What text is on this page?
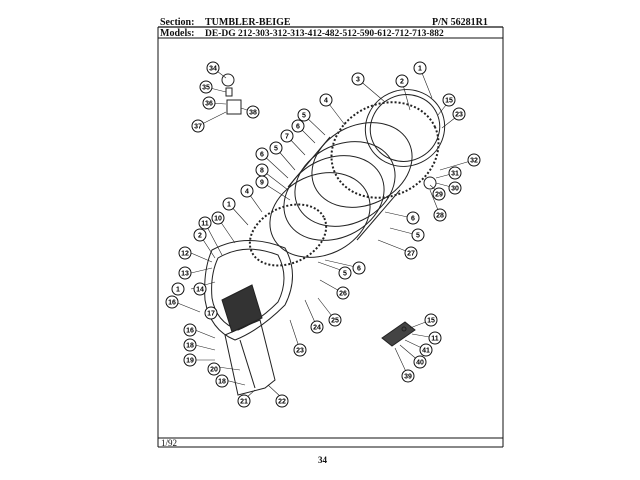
Section: TUMBLER-BEIGE	P/N 56281R1
Models: DE-DG 212-303-312-313-412-482-512-590-612-712-713-882
1
2
3
4
5
6
7
5
6
8
9
4
1
10
11
2
12
13
1 14
16
17
16
18
19
20
18
21	22
23
24
25
26
5
6
6
5
27
28
29
30
31
32
23
15
15
11
41
40
39
34
35
36
38
37
1/92
34
